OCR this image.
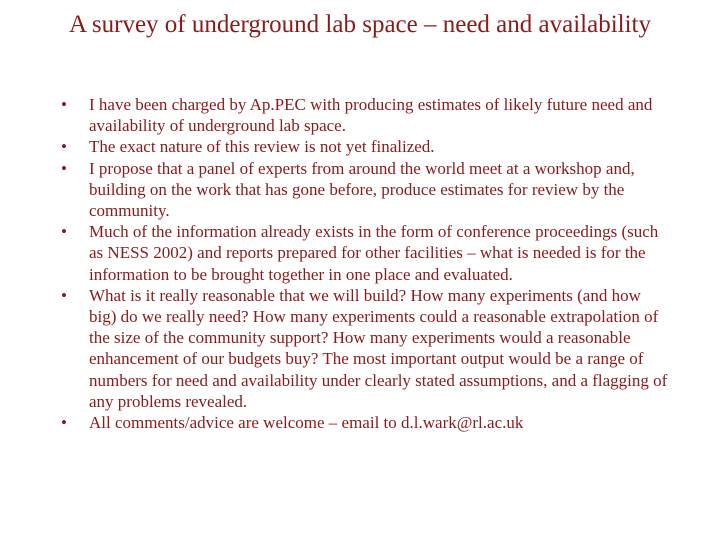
A survey of underground lab space – need and availability
• I have been charged by Ap.PEC with producing estimates of likely future need and availability of underground lab space.
• The exact nature of this review is not yet finalized.
• I propose that a panel of experts from around the world meet at a workshop and, building on the work that has gone before, produce estimates for review by the community.
• Much of the information already exists in the form of conference proceedings (such as NESS 2002) and reports prepared for other facilities – what is needed is for the information to be brought together in one place and evaluated.
• What is it really reasonable that we will build? How many experiments (and how big) do we really need? How many experiments could a reasonable extrapolation of the size of the community support? How many experiments would a reasonable enhancement of our budgets buy? The most important output would be a range of numbers for need and availability under clearly stated assumptions, and a flagging of any problems revealed.
• All comments/advice are welcome – email to d.l.wark@rl.ac.uk
